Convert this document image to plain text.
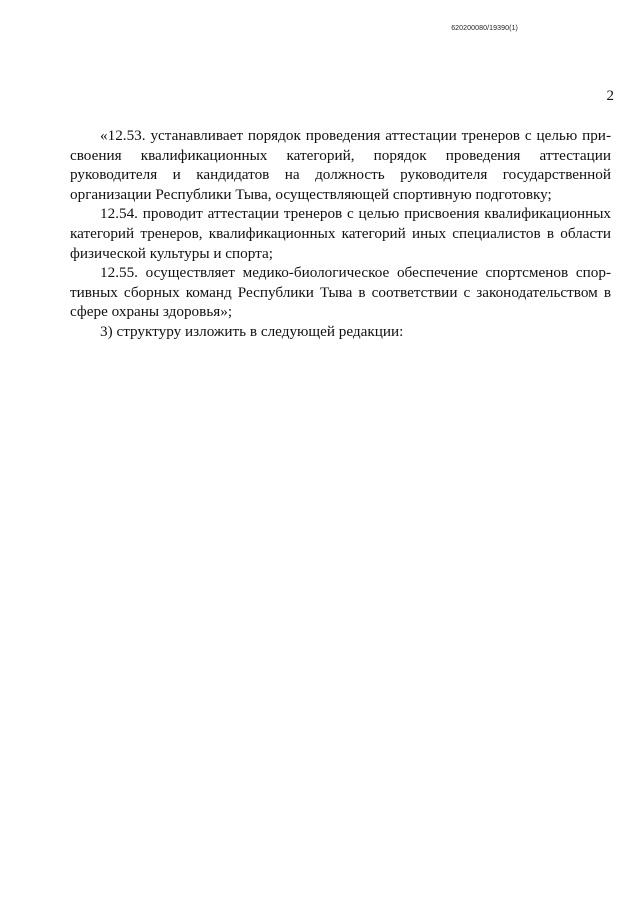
620200080/19390(1)
2

«12.53. устанавливает порядок проведения аттестации тренеров с целью присвоения квалификационных категорий, порядок проведения аттестации руководителя и кандидатов на должность руководителя государственной организации Республики Тыва, осуществляющей спортивную подготовку;

12.54. проводит аттестации тренеров с целью присвоения квалификационных категорий тренеров, квалификационных категорий иных специалистов в области физической культуры и спорта;

12.55. осуществляет медико-биологическое обеспечение спортсменов спортивных сборных команд Республики Тыва в соответствии с законодательством в сфере охраны здоровья»;

3) структуру изложить в следующей редакции:
